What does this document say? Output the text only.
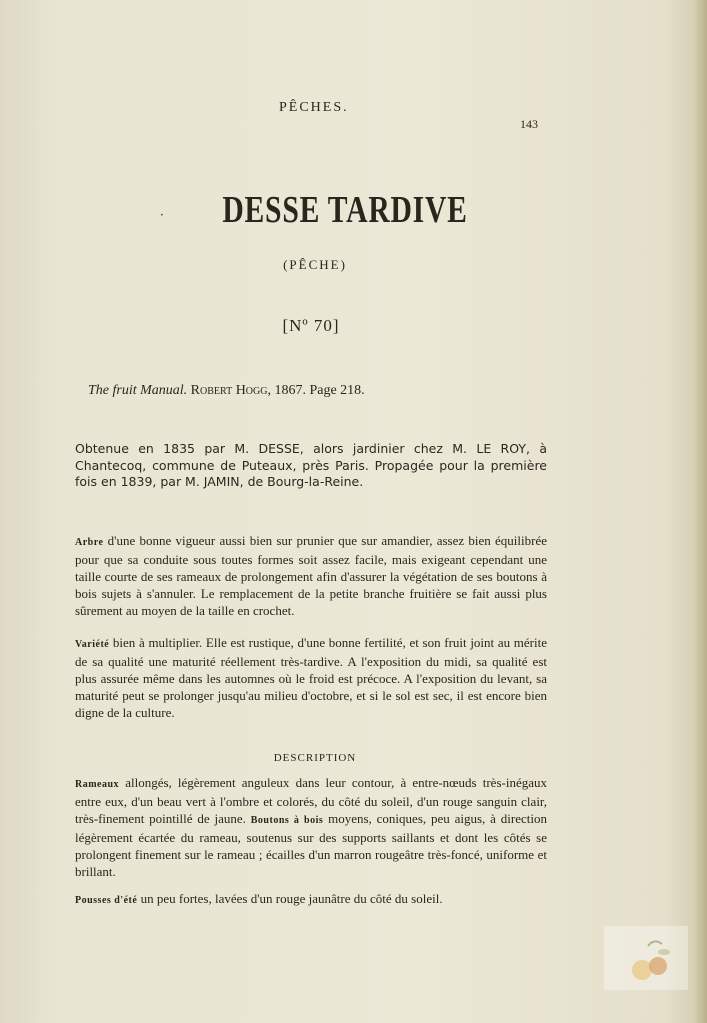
PÊCHES.

143

·	DESSE TARDIVE

(PÊCHE)

[Nº 70]

The fruit Manual. Robert Hogg, 1867. Page 218.

Obtenue en 1835 par M. DESSE, alors jardinier chez M. LE ROY, à Chantecoq, commune de Puteaux, près Paris. Propagée pour la première fois en 1839, par M. JAMIN, de Bourg-la-Reine.

Arbre d'une bonne vigueur aussi bien sur prunier que sur amandier, assez bien équilibrée pour que sa conduite sous toutes formes soit assez facile, mais exigeant cependant une taille courte de ses rameaux de prolongement afin d'assurer la végétation de ses boutons à bois sujets à s'annuler. Le remplacement de la petite branche fruitière se fait aussi plus sûrement au moyen de la taille en crochet.

Variété bien à multiplier. Elle est rustique, d'une bonne fertilité, et son fruit joint au mérite de sa qualité une maturité réellement très-tardive. A l'exposition du midi, sa qualité est plus assurée même dans les automnes où le froid est précoce. A l'exposition du levant, sa maturité peut se prolonger jusqu'au milieu d'octobre, et si le sol est sec, il est encore bien digne de la culture.

DESCRIPTION

Rameaux allongés, légèrement anguleux dans leur contour, à entre-nœuds très-inégaux entre eux, d'un beau vert à l'ombre et colorés, du côté du soleil, d'un rouge sanguin clair, très-finement pointillé de jaune. Boutons à bois moyens, coniques, peu aigus, à direction légèrement écartée du rameau, soutenus sur des supports saillants et dont les côtés se prolongent finement sur le rameau ; écailles d'un marron rougeâtre très-foncé, uniforme et brillant.

Pousses d'été un peu fortes, lavées d'un rouge jaunâtre du côté du soleil.
